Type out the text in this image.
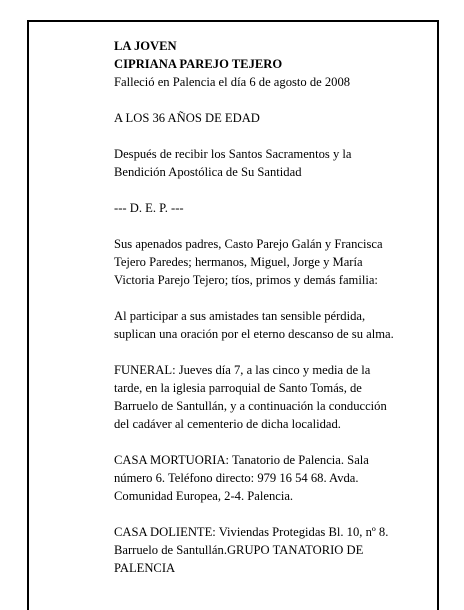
LA JOVEN
CIPRIANA PAREJO TEJERO
Falleció en Palencia el día 6 de agosto de 2008
A LOS 36 AÑOS DE EDAD
Después de recibir los Santos Sacramentos y la
Bendición Apostólica de Su Santidad
--- D. E. P. ---
Sus apenados padres, Casto Parejo Galán y Francisca
Tejero Paredes; hermanos, Miguel, Jorge y María
Victoria Parejo Tejero; tíos, primos y demás familia:
Al participar a sus amistades tan sensible pérdida,
suplican una oración por el eterno descanso de su alma.
FUNERAL: Jueves día 7, a las cinco y media de la
tarde, en la iglesia parroquial de Santo Tomás, de
Barruelo de Santullán, y a continuación la conducción
del cadáver al cementerio de dicha localidad.
CASA MORTUORIA: Tanatorio de Palencia. Sala
número 6. Teléfono directo: 979 16 54 68. Avda.
Comunidad Europea, 2-4. Palencia.
CASA DOLIENTE: Viviendas Protegidas Bl. 10, nº 8.
Barruelo de Santullán.GRUPO TANATORIO DE
PALENCIA
